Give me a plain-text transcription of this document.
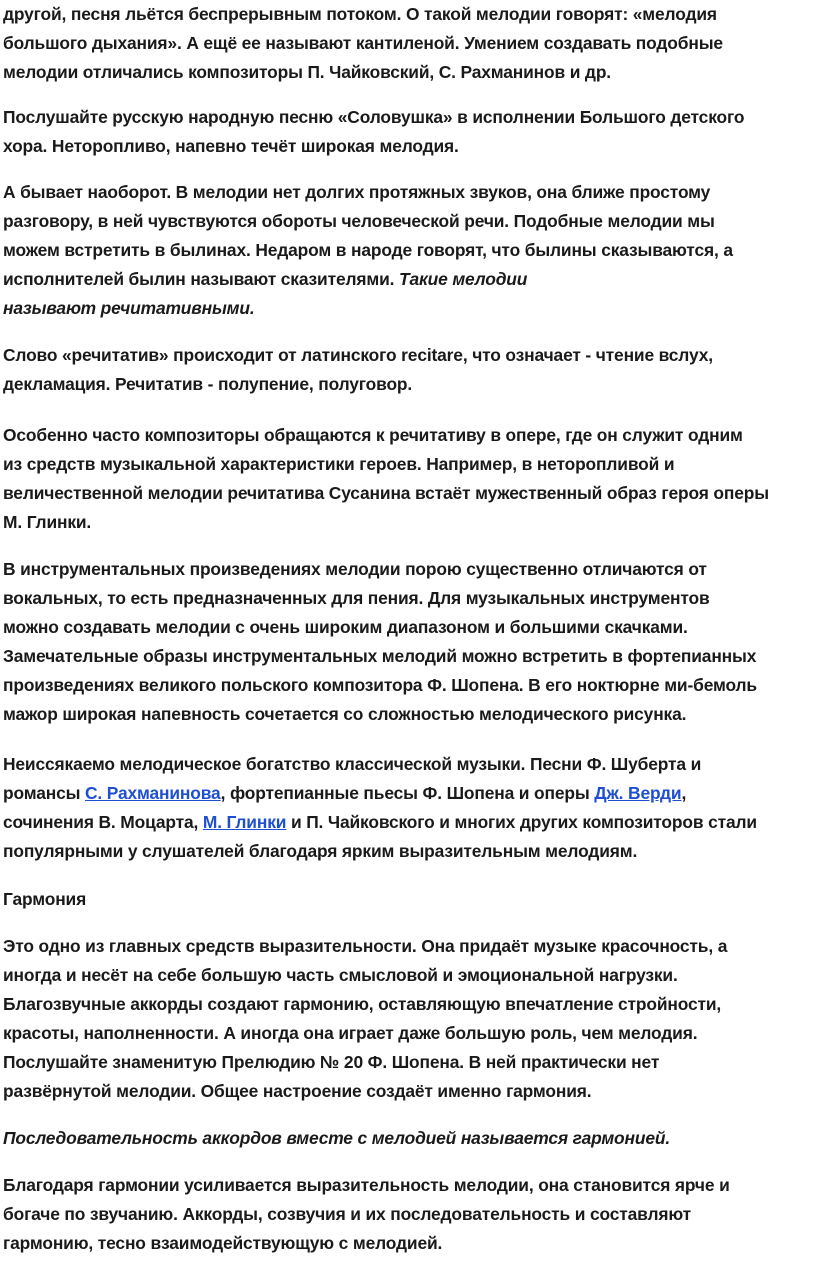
другой, песня льётся беспрерывным потоком. О такой мелодии говорят: «мелодия
большого дыхания». А ещё ее называют кантиленой. Умением создавать подобные
мелодии отличались композиторы П. Чайковский, С. Рахманинов и др.

Послушайте русскую народную песню «Соловушка» в исполнении Большого детского
хора. Неторопливо, напевно течёт широкая мелодия.

А бывает наоборот. В мелодии нет долгих протяжных звуков, она ближе простому
разговору, в ней чувствуются обороты человеческой речи. Подобные мелодии мы
можем встретить в былинах. Недаром в народе говорят, что былины сказываются, а
исполнителей былин называют сказителями. Такие мелодии
называют речитативными.

Слово «речитатив» происходит от латинского recitare, что означает - чтение вслух,
декламация. Речитатив - полупение, полуговор.

Особенно часто композиторы обращаются к речитативу в опере, где он служит одним
из средств музыкальной характеристики героев. Например, в неторопливой и
величественной мелодии речитатива Сусанина встаёт мужественный образ героя оперы
М. Глинки.

В инструментальных произведениях мелодии порою существенно отличаются от
вокальных, то есть предназначенных для пения. Для музыкальных инструментов
можно создавать мелодии с очень широким диапазоном и большими скачками.
Замечательные образы инструментальных мелодий можно встретить в фортепианных
произведениях великого польского композитора Ф. Шопена. В его ноктюрне ми-бемоль
мажор широкая напевность сочетается со сложностью мелодического рисунка.

Неиссякаемо мелодическое богатство классической музыки. Песни Ф. Шуберта и
романсы С. Рахманинова, фортепианные пьесы Ф. Шопена и оперы Дж. Верди,
сочинения В. Моцарта, М. Глинки и П. Чайковского и многих других композиторов стали
популярными у слушателей благодаря ярким выразительным мелодиям.

Гармония

Это одно из главных средств выразительности. Она придаёт музыке красочность, а
иногда и несёт на себе большую часть смысловой и эмоциональной нагрузки.
Благозвучные аккорды создают гармонию, оставляющую впечатление стройности,
красоты, наполненности. А иногда она играет даже большую роль, чем мелодия.
Послушайте знаменитую Прелюдию № 20 Ф. Шопена. В ней практически нет
развёрнутой мелодии. Общее настроение создаёт именно гармония.

Последовательность аккордов вместе с мелодией называется гармонией.

Благодаря гармонии усиливается выразительность мелодии, она становится ярче и
богаче по звучанию. Аккорды, созвучия и их последовательность и составляют
гармонию, тесно взаимодействующую с мелодией.
